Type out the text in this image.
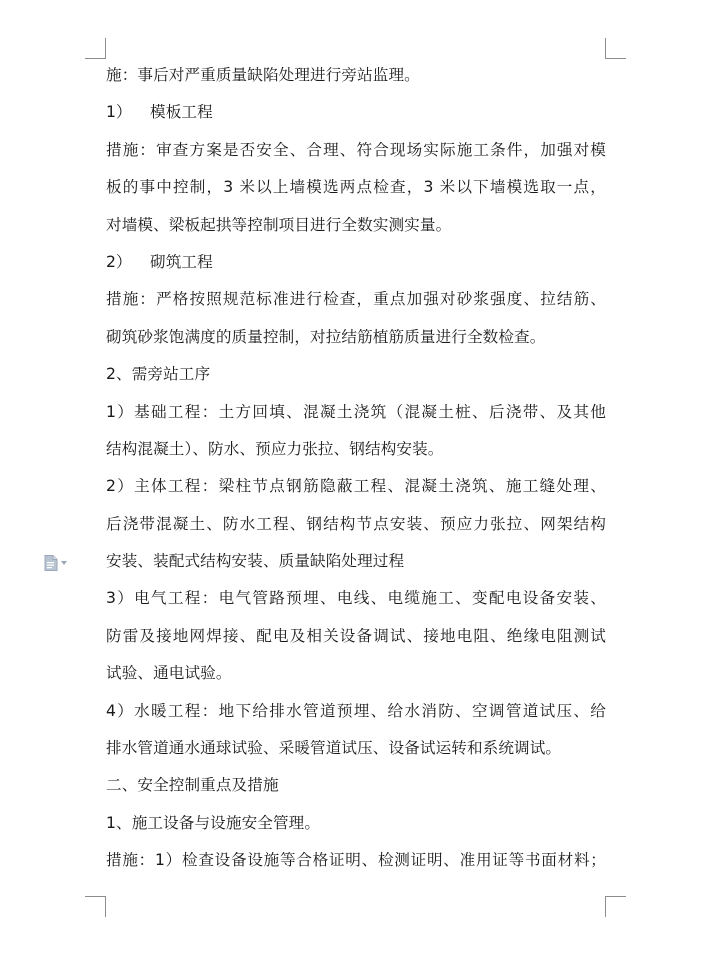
施：事后对严重质量缺陷处理进行旁站监理。
1） 模板工程
措施：审查方案是否安全、合理、符合现场实际施工条件，加强对模
板的事中控制，3 米以上墙模选两点检查，3 米以下墙模选取一点，
对墙模、梁板起拱等控制项目进行全数实测实量。
2） 砌筑工程
措施：严格按照规范标准进行检查，重点加强对砂浆强度、拉结筋、
砌筑砂浆饱满度的质量控制，对拉结筋植筋质量进行全数检查。
2、需旁站工序
1）基础工程：土方回填、混凝土浇筑（混凝土桩、后浇带、及其他
结构混凝土）、防水、预应力张拉、钢结构安装。
2）主体工程：梁柱节点钢筋隐蔽工程、混凝土浇筑、施工缝处理、
后浇带混凝土、防水工程、钢结构节点安装、预应力张拉、网架结构
安装、装配式结构安装、质量缺陷处理过程
3）电气工程：电气管路预埋、电线、电缆施工、变配电设备安装、
防雷及接地网焊接、配电及相关设备调试、接地电阻、绝缘电阻测试
试验、通电试验。
4）水暖工程：地下给排水管道预埋、给水消防、空调管道试压、给
排水管道通水通球试验、采暖管道试压、设备试运转和系统调试。
二、安全控制重点及措施
1、施工设备与设施安全管理。
措施：1）检查设备设施等合格证明、检测证明、准用证等书面材料；
